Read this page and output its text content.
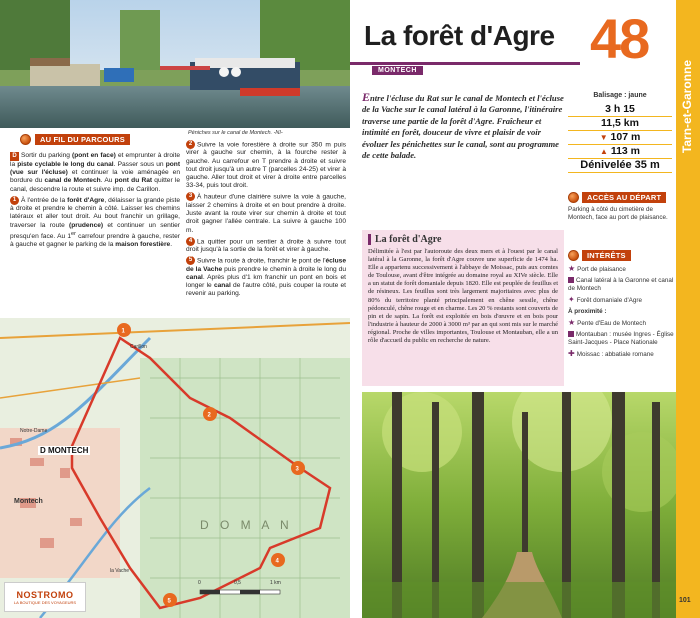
Péniches sur le canal de Montech. -NI-
AU FIL DU PARCOURS

D Sortir du parking (pont en face) et emprunter à droite la piste cyclable le long du canal. Passer sous un pont (vue sur l'écluse) et continuer la voie aménagée en bordure du canal de Montech. Au pont du Rat quitter le canal, descendre la route et suivre imp. de Carillon.

1 À l'entrée de la forêt d'Agre, délaisser la grande piste à droite et prendre le chemin à côté. Laisser les chemins latéraux et aller tout droit. Au bout franchir un grillage, traverser la route (prudence) et continuer un sentier presqu'en face. Au 1er carrefour prendre à gauche, rester à gauche et gagner le parking de la maison forestière.

2 Suivre la voie forestière à droite sur 350 m puis virer à gauche sur chemin, à la fourche rester à gauche. Au carrefour en T prendre à droite et suivre tout droit jusqu'à un autre T (parcelles 24-25) et virer à gauche. Aller tout droit et virer à droite entre parcelles 33-34, puis tout droit.

3 À hauteur d'une clairière suivre la voie à gauche, laisser 2 chemins à droite et en bout prendre à droite. Juste avant la route virer sur chemin à droite et tout droit gagner l'allée centrale. La suivre à gauche 100 m.

4 La quitter pour un sentier à droite à suivre tout droit jusqu'à la sortie de la forêt et virer à gauche.

5 Suivre la route à droite, franchir le pont de l'écluse de la Vache puis prendre le chemin à droite le long du canal. Après plus d'1 km franchir un pont en bois et longer le canal de l'autre côté, puis couper la route et revenir au parking.

1
2
3
4
5
D MONTECH
Montech
la Vache
D O M A N
Notre-Dame
Carillon
0	0,5	1 km
NOSTROMO
LA BOUTIQUE DES VOYAGEURS
La forêt d'Agre
MONTECH
48
Tarn-et-Garonne
101
Entre l'écluse du Rat sur le canal de Montech et l'écluse de la Vache sur le canal latéral à la Garonne, l'itinéraire traverse une partie de la forêt d'Agre. Fraîcheur et intimité en forêt, douceur de vivre et plaisir de voir évoluer les pénichettes sur le canal, sont au programme de cette balade.
Balisage : jaune
3 h 15
11,5 km
▼ 107 m
▲ 113 m
Dénivelée 35 m
La forêt d'Agre
Délimitée à l'est par l'autoroute des deux mers et à l'ouest par le canal latéral à la Garonne, la forêt d'Agre couvre une superficie de 1474 ha. Elle a appartenu successivement à l'abbaye de Moissac, puis aux comtes de Toulouse, avant d'être intégrée au domaine royal au XIVe siècle. Elle a un statut de forêt domaniale depuis 1820. Elle est peuplée de feuillus et de résineux. Les feuillus sont très largement majoritaires avec plus de 80% du territoire planté principalement en chêne sessile, chêne pédonculé, chêne rouge et en charme. Les 20 % restants sont couverts de pin et de sapin. La forêt est exploitée en bois d'œuvre et en bois pour l'industrie à hauteur de 2000 à 3000 m³ par an qui sont mis sur le marché régional. Proche de villes importantes, Toulouse et Montauban, elle a un rôle d'accueil du public en recherche de nature.
ACCÈS AU DÉPART
Parking à côté du cimetière de Montech, face au port de plaisance.
INTÉRÊTS
★ Port de plaisance
Canal latéral à la Garonne et canal de Montech
✦ Forêt domaniale d'Agre
À proximité :
★ Pente d'Eau de Montech
Montauban : musée Ingres - Église Saint-Jacques - Place Nationale
✚ Moissac : abbatiale romane
